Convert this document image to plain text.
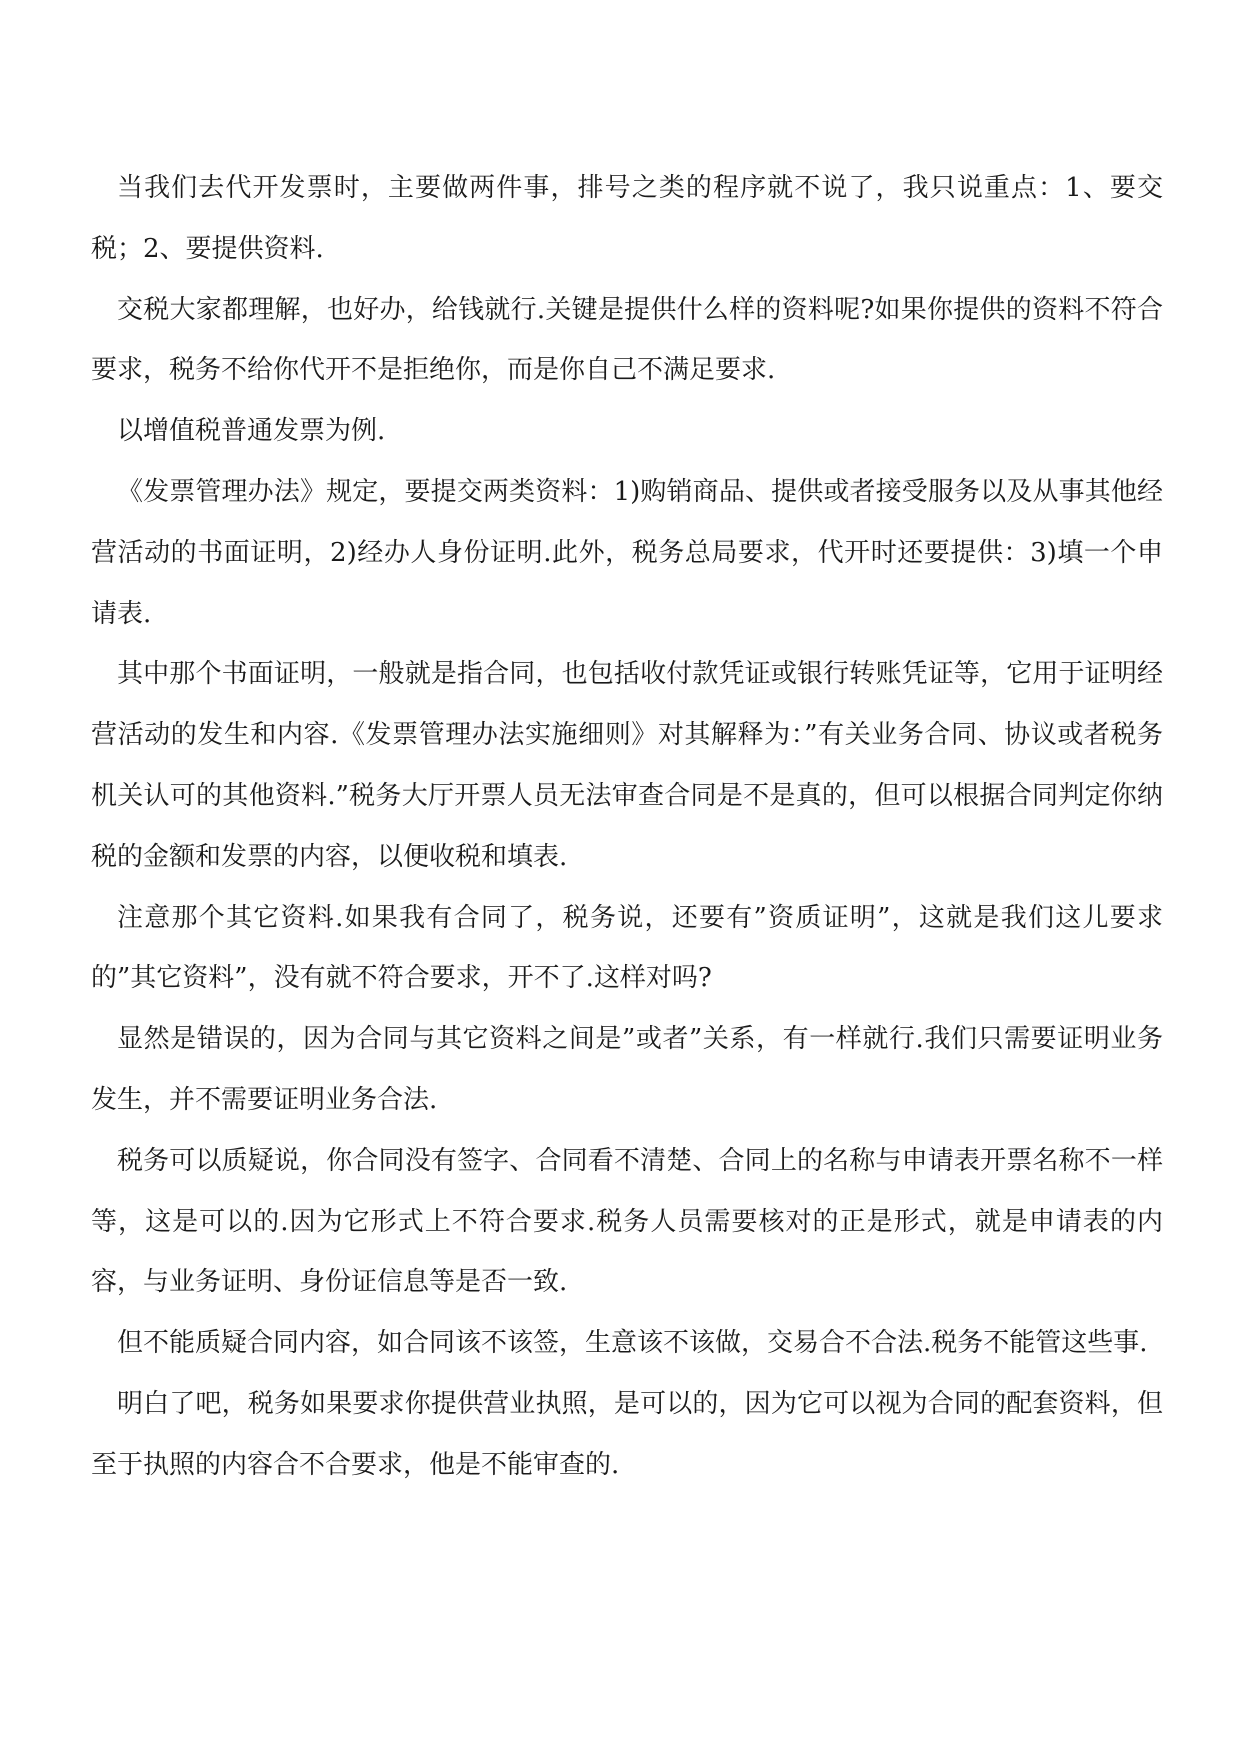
当我们去代开发票时，主要做两件事，排号之类的程序就不说了，我只说重点：1、要交税；2、要提供资料.

交税大家都理解，也好办，给钱就行.关键是提供什么样的资料呢?如果你提供的资料不符合要求，税务不给你代开不是拒绝你，而是你自己不满足要求.

以增值税普通发票为例.

《发票管理办法》规定，要提交两类资料：1)购销商品、提供或者接受服务以及从事其他经营活动的书面证明，2)经办人身份证明.此外，税务总局要求，代开时还要提供：3)填一个申请表.

其中那个书面证明，一般就是指合同，也包括收付款凭证或银行转账凭证等，它用于证明经营活动的发生和内容.《发票管理办法实施细则》对其解释为：”有关业务合同、协议或者税务机关认可的其他资料.”税务大厅开票人员无法审查合同是不是真的，但可以根据合同判定你纳税的金额和发票的内容，以便收税和填表.

注意那个其它资料.如果我有合同了，税务说，还要有”资质证明”，这就是我们这儿要求的”其它资料”，没有就不符合要求，开不了.这样对吗?

显然是错误的，因为合同与其它资料之间是”或者”关系，有一样就行.我们只需要证明业务发生，并不需要证明业务合法.

税务可以质疑说，你合同没有签字、合同看不清楚、合同上的名称与申请表开票名称不一样等，这是可以的.因为它形式上不符合要求.税务人员需要核对的正是形式，就是申请表的内容，与业务证明、身份证信息等是否一致.

但不能质疑合同内容，如合同该不该签，生意该不该做，交易合不合法.税务不能管这些事.

明白了吧，税务如果要求你提供营业执照，是可以的，因为它可以视为合同的配套资料，但至于执照的内容合不合要求，他是不能审查的.
